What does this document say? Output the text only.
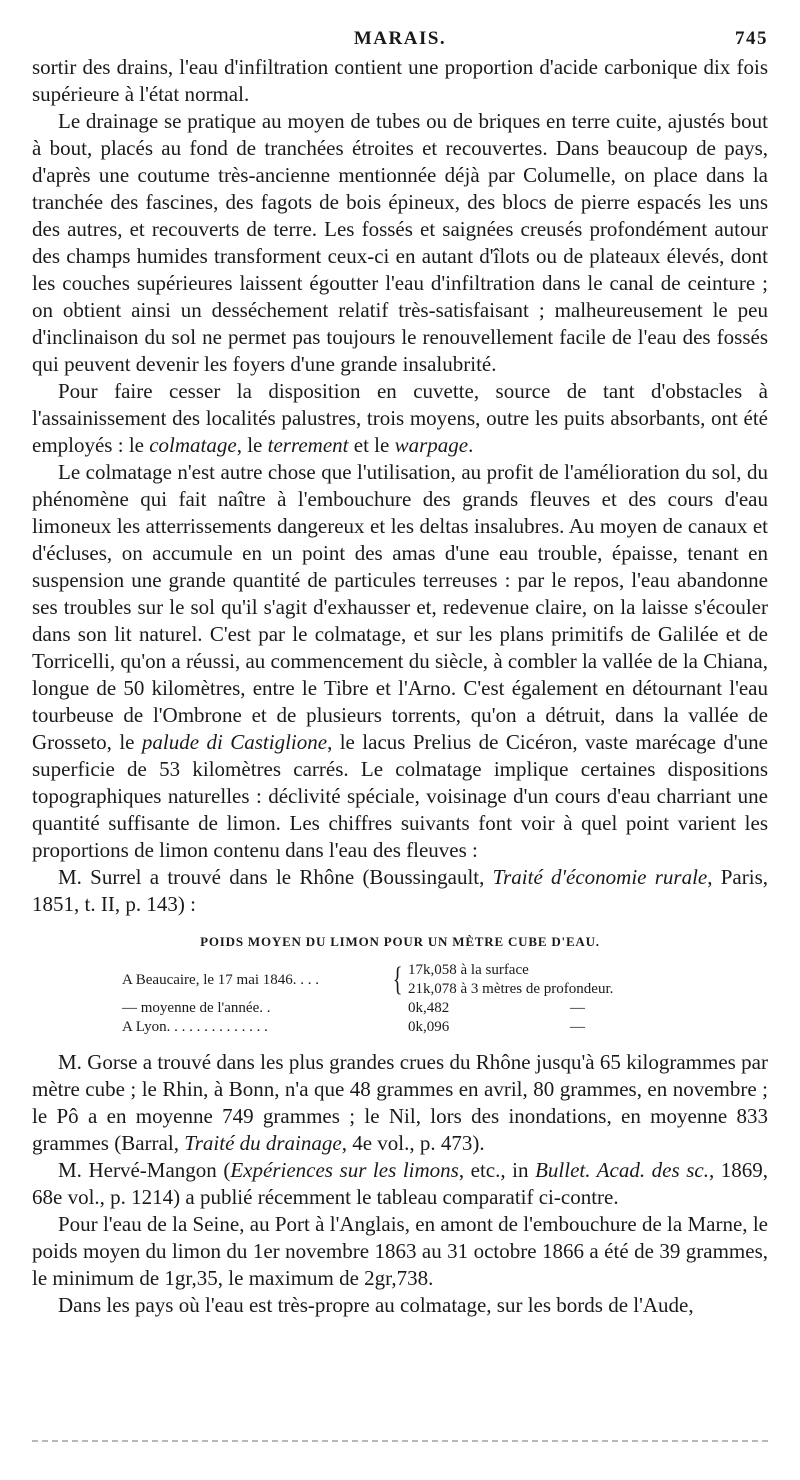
MARAIS.	745

sortir des drains, l'eau d'infiltration contient une proportion d'acide carbonique dix fois supérieure à l'état normal.

Le drainage se pratique au moyen de tubes ou de briques en terre cuite, ajustés bout à bout, placés au fond de tranchées étroites et recouvertes. Dans beaucoup de pays, d'après une coutume très-ancienne mentionnée déjà par Columelle, on place dans la tranchée des fascines, des fagots de bois épineux, des blocs de pierre espacés les uns des autres, et recouverts de terre. Les fossés et saignées creusés profondément autour des champs humides transforment ceux-ci en autant d'îlots ou de plateaux élevés, dont les couches supérieures laissent égoutter l'eau d'infiltration dans le canal de ceinture ; on obtient ainsi un desséchement relatif très-satisfaisant ; malheureusement le peu d'inclinaison du sol ne permet pas toujours le renouvellement facile de l'eau des fossés qui peuvent devenir les foyers d'une grande insalubrité.

Pour faire cesser la disposition en cuvette, source de tant d'obstacles à l'assainissement des localités palustres, trois moyens, outre les puits absorbants, ont été employés : le colmatage, le terrement et le warpage.

Le colmatage n'est autre chose que l'utilisation, au profit de l'amélioration du sol, du phénomène qui fait naître à l'embouchure des grands fleuves et des cours d'eau limoneux les atterrissements dangereux et les deltas insalubres. Au moyen de canaux et d'écluses, on accumule en un point des amas d'une eau trouble, épaisse, tenant en suspension une grande quantité de particules terreuses : par le repos, l'eau abandonne ses troubles sur le sol qu'il s'agit d'exhausser et, redevenue claire, on la laisse s'écouler dans son lit naturel. C'est par le colmatage, et sur les plans primitifs de Galilée et de Torricelli, qu'on a réussi, au commencement du siècle, à combler la vallée de la Chiana, longue de 50 kilomètres, entre le Tibre et l'Arno. C'est également en détournant l'eau tourbeuse de l'Ombrone et de plusieurs torrents, qu'on a détruit, dans la vallée de Grosseto, le palude di Castiglione, le lacus Prelius de Cicéron, vaste marécage d'une superficie de 53 kilomètres carrés. Le colmatage implique certaines dispositions topographiques naturelles : déclivité spéciale, voisinage d'un cours d'eau charriant une quantité suffisante de limon. Les chiffres suivants font voir à quel point varient les proportions de limon contenu dans l'eau des fleuves :

M. Surrel a trouvé dans le Rhône (Boussingault, Traité d'économie rurale, Paris, 1851, t. II, p. 143) :

POIDS MOYEN DU LIMON POUR UN MÈTRE CUBE D'EAU.
A Beaucaire, le 17 mai 1846. . . .	{ 17k,058 à la surface
21k,078 à 3 mètres de profondeur.
— moyenne de l'année. .	0k,482	—
A Lyon. . . . . . . . . . . . . .	0k,096	—

M. Gorse a trouvé dans les plus grandes crues du Rhône jusqu'à 65 kilogrammes par mètre cube ; le Rhin, à Bonn, n'a que 48 grammes en avril, 80 grammes, en novembre ; le Pô a en moyenne 749 grammes ; le Nil, lors des inondations, en moyenne 833 grammes (Barral, Traité du drainage, 4e vol., p. 473).

M. Hervé-Mangon (Expériences sur les limons, etc., in Bullet. Acad. des sc., 1869, 68e vol., p. 1214) a publié récemment le tableau comparatif ci-contre.

Pour l'eau de la Seine, au Port à l'Anglais, en amont de l'embouchure de la Marne, le poids moyen du limon du 1er novembre 1863 au 31 octobre 1866 a été de 39 grammes, le minimum de 1gr,35, le maximum de 2gr,738.

Dans les pays où l'eau est très-propre au colmatage, sur les bords de l'Aude,
